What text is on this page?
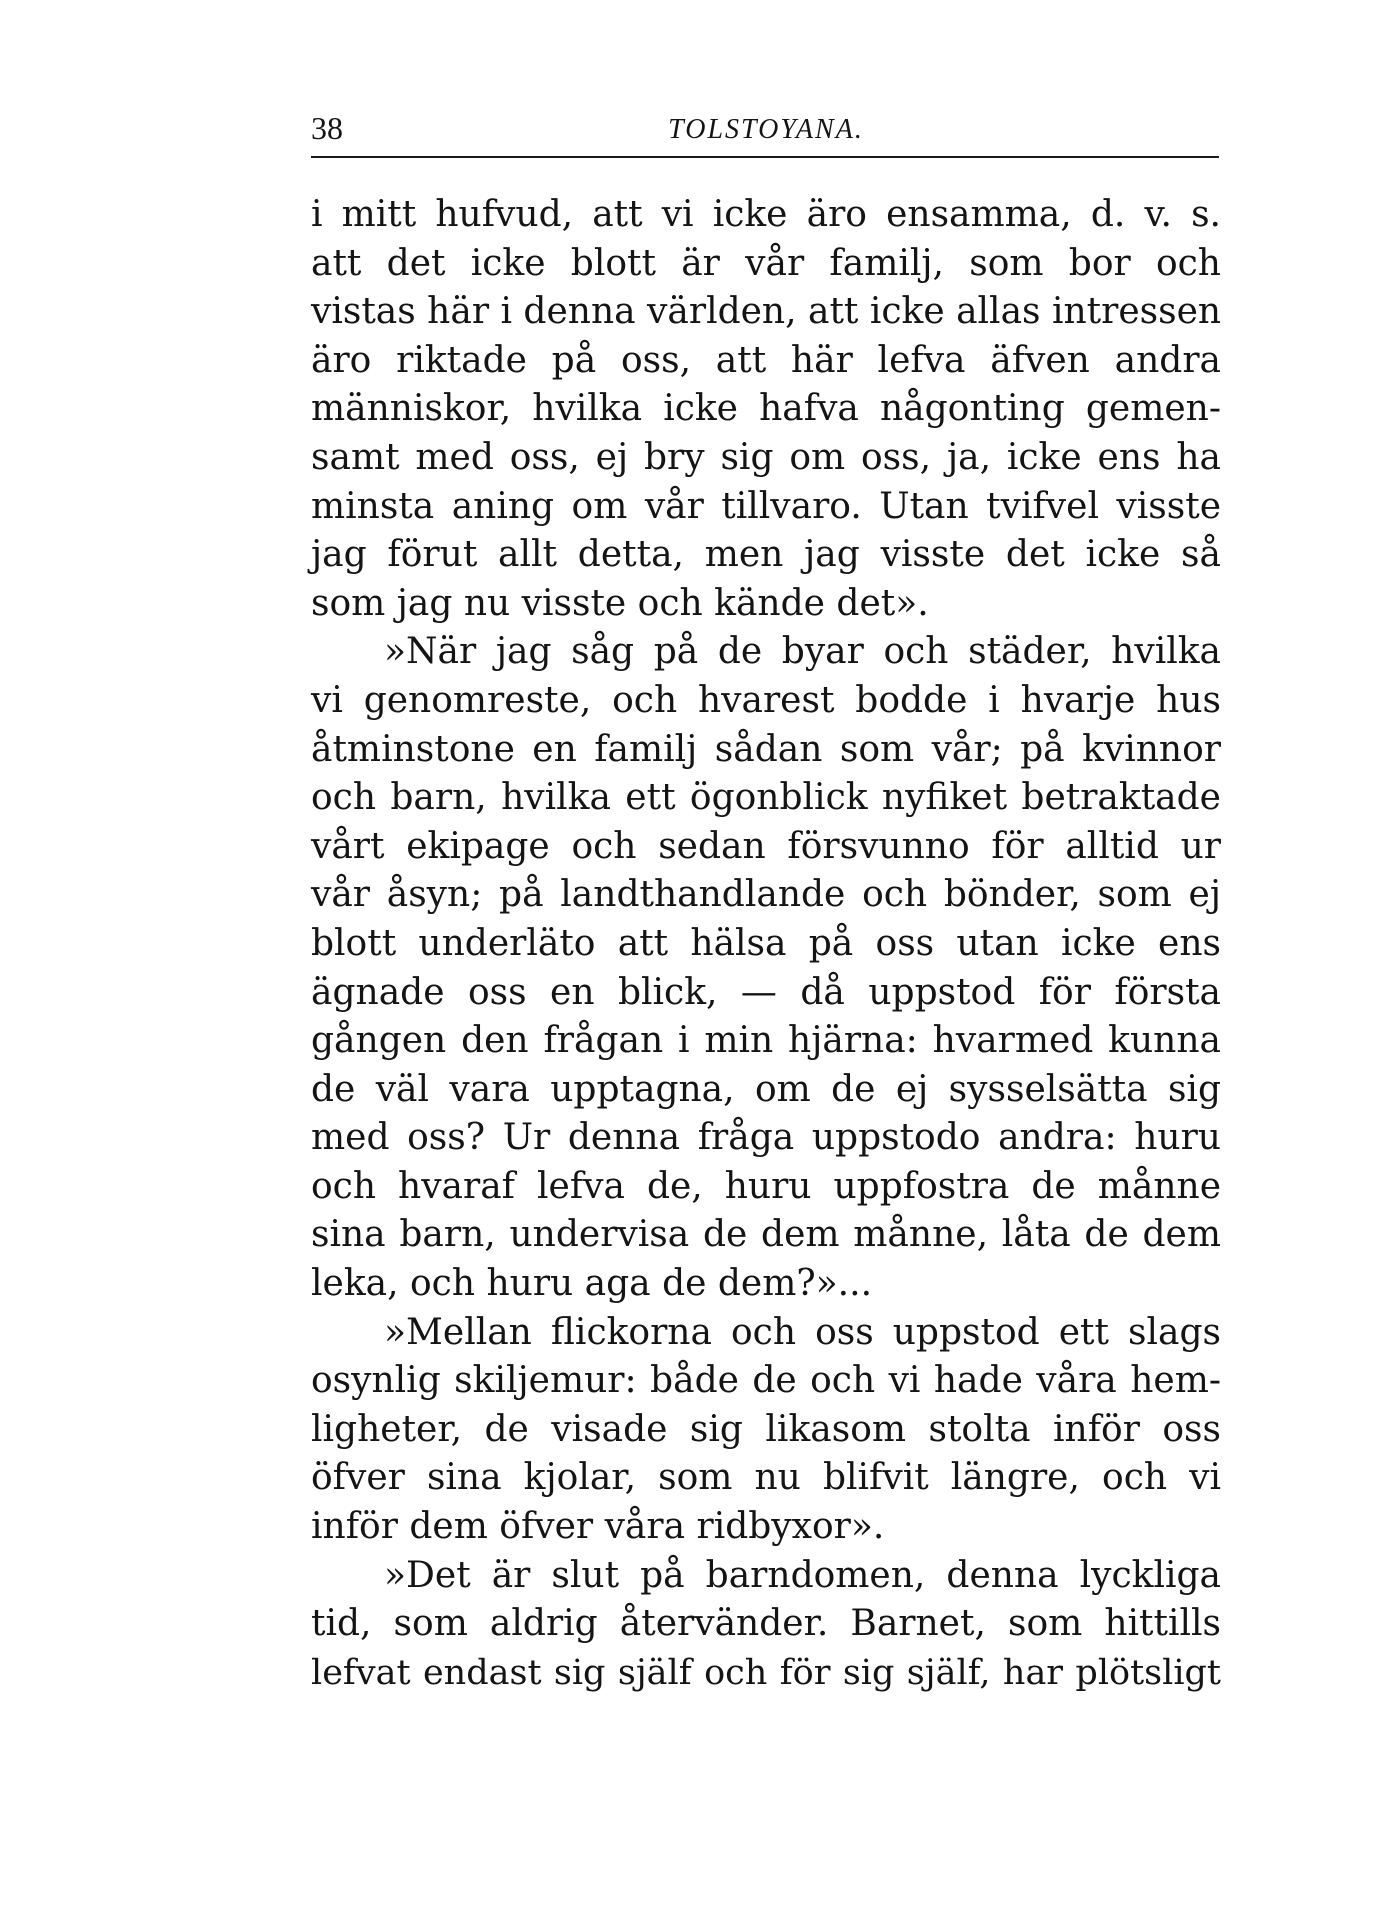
38	TOLSTOYANA.
i mitt hufvud, att vi icke äro ensamma, d. v. s.
att det icke blott är vår familj, som bor och
vistas här i denna världen, att icke allas intressen
äro riktade på oss, att här lefva äfven andra
människor, hvilka icke hafva någonting gemen-
samt med oss, ej bry sig om oss, ja, icke ens ha
minsta aning om vår tillvaro. Utan tvifvel visste
jag förut allt detta, men jag visste det icke så
som jag nu visste och kände det».
»När jag såg på de byar och städer, hvilka
vi genomreste, och hvarest bodde i hvarje hus
åtminstone en familj sådan som vår; på kvinnor
och barn, hvilka ett ögonblick nyfiket betraktade
vårt ekipage och sedan försvunno för alltid ur
vår åsyn; på landthandlande och bönder, som ej
blott underläto att hälsa på oss utan icke ens
ägnade oss en blick, — då uppstod för första
gången den frågan i min hjärna: hvarmed kunna
de väl vara upptagna, om de ej sysselsätta sig
med oss? Ur denna fråga uppstodo andra: huru
och hvaraf lefva de, huru uppfostra de månne
sina barn, undervisa de dem månne, låta de dem
leka, och huru aga de dem?»...
»Mellan flickorna och oss uppstod ett slags
osynlig skiljemur: både de och vi hade våra hem-
ligheter, de visade sig likasom stolta inför oss
öfver sina kjolar, som nu blifvit längre, och vi
inför dem öfver våra ridbyxor».
»Det är slut på barndomen, denna lyckliga
tid, som aldrig återvänder. Barnet, som hittills
lefvat endast sig själf och för sig själf, har plötsligt
